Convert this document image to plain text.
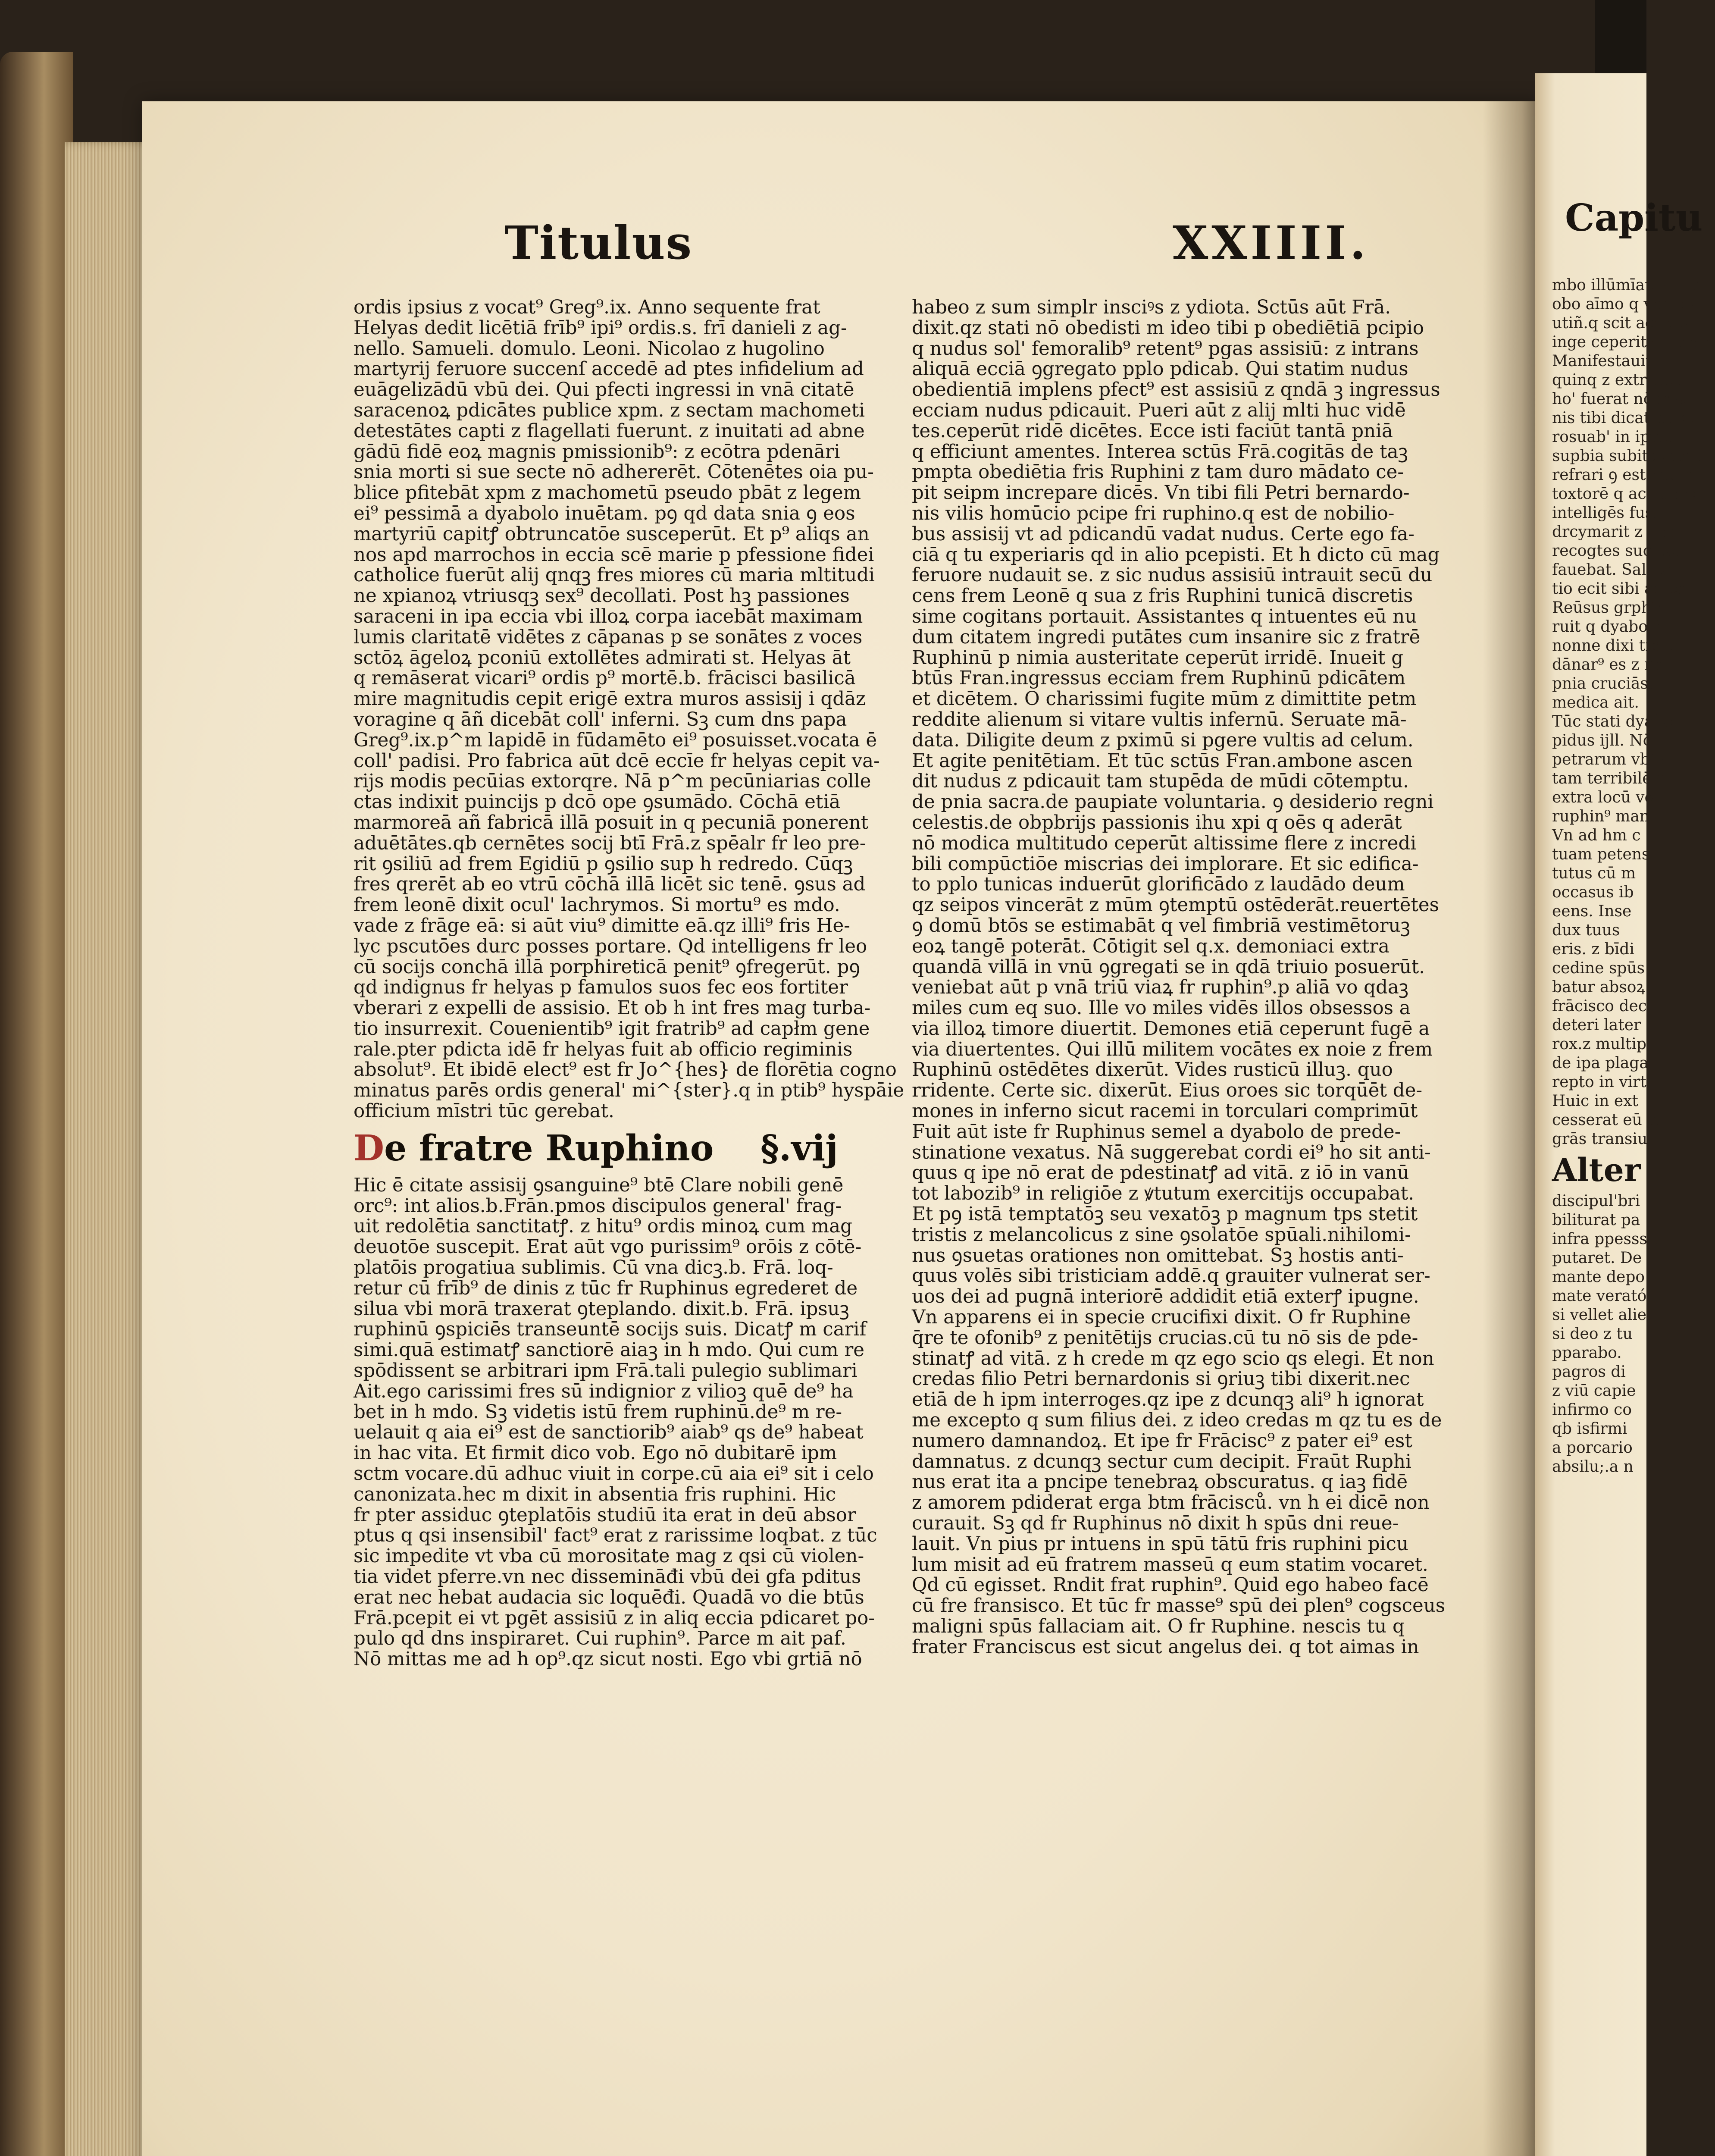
Titulus	XXIIII.
ordis ipsius z vocat⁹ Greg⁹.ix. Anno sequente frat
Helyas dedit licētiā frīb⁹ ipi⁹ ordis.s. frī danieli z ag-
nello. Samueli. domulo. Leoni. Nicolao z hugolino
martyrij feruore succenſ accedē ad ptes infidelium ad
euāgelizādū vbū dei. Qui pfecti ingressi in vnā citatē
saracenoꝝ pdicātes publice xpm. z sectam machometi
detestātes capti z flagellati fuerunt. z inuitati ad abne
gādū fidē eoꝝ magnis pmissionib⁹: z ecōtra pdenāri
snia morti si sue secte nō adhererēt. Cōtenētes oia pu-
blice pfitebāt xpm z machometū pseudo pbāt z legem
ei⁹ pessimā a dyabolo inuētam. pꝯ qd data snia ꝯ eos
martyriū capitꝭ obtruncatōe susceperūt. Et p⁹ aliqs an
nos apd marrochos in eccia scē marie p pfessione fidei
catholice fuerūt alij qnqꝫ fres miores cū maria mltitudi
ne xpianoꝝ vtriusqꝫ sex⁹ decollati. Post hꝫ passiones
saraceni in ipa eccia vbi illoꝝ corpa iacebāt maximam
lumis claritatē vidētes z cāpanas p se sonātes z voces
sctōꝝ āgeloꝝ pconiū extollētes admirati st. Helyas āt
q remāserat vicari⁹ ordis p⁹ mortē.b. frācisci basilicā
mire magnitudis cepit erigē extra muros assisij i qdāz
voragine q āñ dicebāt coll' inferni. Sꝫ cum dns papa
Greg⁹.ix.p^m lapidē in fūdamēto ei⁹ posuisset.vocata ē
coll' padisi. Pro fabrica aūt dcē eccīe fr helyas cepit va-
rijs modis pecūias extorqre. Nā p^m pecūniarias colle
ctas indixit puincijs p dcō ope ꝯsumādo. Cōchā etiā
marmoreā añ fabricā illā posuit in q pecuniā ponerent
aduētātes.qb cernētes socij btī Frā.z spēalr fr leo pre-
rit ꝯsiliū ad frem Egidiū p ꝯsilio sup h redredo. Cūqꝫ
fres qrerēt ab eo vtrū cōchā illā licēt sic tenē. ꝯsus ad
frem leonē dixit ocul' lachrymos. Si mortu⁹ es mdo.
vade z frāge eā: si aūt viu⁹ dimitte eā.qz illi⁹ fris He-
lyc pscutōes durc posses portare. Qd intelligens fr leo
cū socijs conchā illā porphireticā penit⁹ ꝯfregerūt. pꝯ
qd indignus fr helyas p famulos suos fec eos fortiter
vberari z expelli de assisio. Et ob h int fres mag turba-
tio insurrexit. Couenientib⁹ igit fratrib⁹ ad capłm gene
rale.pter pdicta idē fr helyas fuit ab officio regiminis
absolut⁹. Et ibidē elect⁹ est fr Jo^{hes} de florētia cogno
minatus parēs ordis general' mi^{ster}.q in ptib⁹ hyspāie
officium mīstri tūc gerebat.
De fratre Ruphino §.vij
Hic ē citate assisij ꝯsanguine⁹ btē Clare nobili genē
orc⁹: int alios.b.Frān.pmos discipulos general' frag-
uit redolētia sanctitatꝭ. z hitu⁹ ordis minoꝝ cum mag
deuotōe suscepit. Erat aūt vgo purissim⁹ orōis z cōtē-
platōis progatiua sublimis. Cū vna dicꝫ.b. Frā. loq-
retur cū frīb⁹ de dinis z tūc fr Ruphinus egrederet de
silua vbi morā traxerat ꝯteplando. dixit.b. Frā. ipsuꝫ
ruphinū ꝯspiciēs transeuntē socijs suis. Dicatꝭ m carif
simi.quā estimatꝭ sanctiorē aiaꝫ in h mdo. Qui cum re
spōdissent se arbitrari ipm Frā.tali pulegio sublimari
Ait.ego carissimi fres sū indignior z vilioꝫ quē de⁹ ha
bet in h mdo. Sꝫ videtis istū frem ruphinū.de⁹ m re-
uelauit q aia ei⁹ est de sanctiorib⁹ aiab⁹ qs de⁹ habeat
in hac vita. Et firmit dico vob. Ego nō dubitarē ipm
sctm vocare.dū adhuc viuit in corpe.cū aia ei⁹ sit i celo
canonizata.hec m dixit in absentia fris ruphini. Hic
fr pter assiduc ꝯteplatōis studiū ita erat in deū absor
ptus q qsi insensibil' fact⁹ erat z rarissime loqbat. z tūc
sic impedite vt vba cū morositate mag z qsi cū violen-
tia videt pferre.vn nec dissemināđi vbū dei gfa pditus
erat nec hebat audacia sic loquēđi. Quadā vo die btūs
Frā.pcepit ei vt pgēt assisiū z in aliq eccia pdicaret po-
pulo qd dns inspiraret. Cui ruphin⁹. Parce m ait paf.
Nō mittas me ad h op⁹.qz sicut nosti. Ego vbi grtiā nō
habeo z sum simplr insciꝰs z ydiota. Sctūs aūt Frā.
dixit.qz stati nō obedisti m ideo tibi p obediētiā pcipio
q nudus sol' femoralib⁹ retent⁹ pgas assisiū: z intrans
aliquā ecciā ꝯgregato pplo pdicab. Qui statim nudus
obedientiā implens pfect⁹ est assisiū z qndā ꝫ ingressus
ecciam nudus pdicauit. Pueri aūt z alij mlti huc vidē
tes.ceperūt ridē dicētes. Ecce isti faciūt tantā pniā
q efficiunt amentes. Interea sctūs Frā.cogitās de taꝫ
pmpta obediētia fris Ruphini z tam duro mādato ce-
pit seipm increpare dicēs. Vn tibi fili Petri bernardo-
nis vilis homūcio pcipe fri ruphino.q est de nobilio-
bus assisij vt ad pdicandū vadat nudus. Certe ego fa-
ciā q tu experiaris qd in alio pcepisti. Et h dicto cū mag
feruore nudauit se. z sic nudus assisiū intrauit secū du
cens frem Leonē q sua z fris Ruphini tunicā discretis
sime cogitans portauit. Assistantes q intuentes eū nu
dum citatem ingredi putātes cum insanire sic z fratrē
Ruphinū p nimia austeritate ceperūt irridē. Inueit g
btūs Fran.ingressus ecciam frem Ruphinū pdicātem
et dicētem. O charissimi fugite mūm z dimittite petm
reddite alienum si vitare vultis infernū. Seruate mā-
data. Diligite deum z pximū si pgere vultis ad celum.
Et agite penitētiam. Et tūc sctūs Fran.ambone ascen
dit nudus z pdicauit tam stupēda de mūdi cōtemptu.
de pnia sacra.de paupiate voluntaria. ꝯ desiderio regni
celestis.de obpbrijs passionis ihu xpi q oēs q aderāt
nō modica multitudo ceperūt altissime flere z incredi
bili compūctiōe miscrias dei implorare. Et sic edifica-
to pplo tunicas induerūt glorificādo z laudādo deum
qz seipos vincerāt z mūm ꝯtemptū ostēderāt.reuertētes
ꝯ domū btōs se estimabāt q vel fimbriā vestimētoruꝫ
eoꝝ tangē poterāt. Cōtigit sel q.x. demoniaci extra
quandā villā in vnū ꝯgregati se in qdā triuio posuerūt.
veniebat aūt p vnā triū viaꝝ fr ruphin⁹.p aliā vo qdaꝫ
miles cum eq suo. Ille vo miles vidēs illos obsessos a
via illoꝝ timore diuertit. Demones etiā ceperunt fugē a
via diuertentes. Qui illū militem vocātes ex noie z frem
Ruphinū ostēdētes dixerūt. Vides rusticū illuꝫ. quo
rridente. Certe sic. dixerūt. Eius oroes sic torqūēt de-
mones in inferno sicut racemi in torculari comprimūt
Fuit aūt iste fr Ruphinus semel a dyabolo de prede-
stinatione vexatus. Nā suggerebat cordi ei⁹ ho sit anti-
quus q ipe nō erat de pdestinatꝭ ad vitā. z iō in vanū
tot labozib⁹ in religiōe z ꝟtutum exercitijs occupabat.
Et pꝯ istā temptatōꝫ seu vexatōꝫ p magnum tps stetit
tristis z melancolicus z sine ꝯsolatōe spūali.nihilomi-
nus ꝯsuetas orationes non omittebat. Sꝫ hostis anti-
quus volēs sibi tristiciam addē.q grauiter vulnerat ser-
uos dei ad pugnā interiorē addidit etiā exterꝭ ipugne.
Vn apparens ei in specie crucifixi dixit. O fr Ruphine
q̄re te ofonib⁹ z penitētijs crucias.cū tu nō sis de pde-
stinatꝭ ad vitā. z h crede m qz ego scio qs elegi. Et non
credas filio Petri bernardonis si ꝯriuꝫ tibi dixerit.nec
etiā de h ipm interroges.qz ipe z dcunqꝫ ali⁹ h ignorat
me excepto q sum filius dei. z ideo credas m qz tu es de
numero damnandoꝝ. Et ipe fr Frācisc⁹ z pater ei⁹ est
damnatus. z dcunqꝫ sectur cum decipit. Fraūt Ruphi
nus erat ita a pncipe tenebraꝝ obscuratus. q iaꝫ fidē
z amorem pdiderat erga btm frācisců. vn h ei dicē non
curauit. Sꝫ qd fr Ruphinus nō dixit h spūs dni reue-
lauit. Vn pius pr intuens in spū tātū fris ruphini picu
lum misit ad eū fratrem masseū q eum statim vocaret.
Qd cū egisset. Rndit frat ruphin⁹. Quid ego habeo facē
cū fre fransisco. Et tūc fr masse⁹ spū dei plen⁹ cogsceus
maligni spūs fallaciam ait. O fr Ruphine. nescis tu q
frater Franciscus est sicut angelus dei. q tot aimas in
Capitu
mbo illūmīat. z a q
obo aīmo q veniās
utiñ.q scit accessit
inge ceperit clamare
Manifestauit
quinq z extra hal
ho' fuerat nō rps.
nis tibi dicat.tu es
rosuab' in ipm.n
supbia subito cuan
refrari ꝯ est huani
toxtorē q accideret
intelligēs fusse in
drcymarit z fletin
recogtes suo ocul
fauebat. Salutat
tio ecit sibi ad ea
Reūsus grphini
ruit q dyabol⁹
nonne dixi tibi c
dānar⁹ es z nō
pnia cruciās.
medica ait.
Tūc stati dyabo
pidus ijll. Nō
petrarum vbi a
tam terribilē st
extra locū vert
ruphin⁹ man
Vn ad hm c
tuam petens
tutus cū m
occasus ib
eens. Inse
dux tuus
eris. z bīdi
cedine spūs
batur absoꝝ
frācisco dec
deteri later
rox.z multip
de ipa plaga
repto in virtu
Huic in ext
cesserat eū m
grās transiu
Alter
discipul'bri
biliturat pa
infra ppesssu
putaret. De
mante depo
mate verató
si vellet alie
si deo z tu
pparabo.
pagros di
z viū capie
infirmo co
qb isfirmi
a porcario
absilu;.a n
